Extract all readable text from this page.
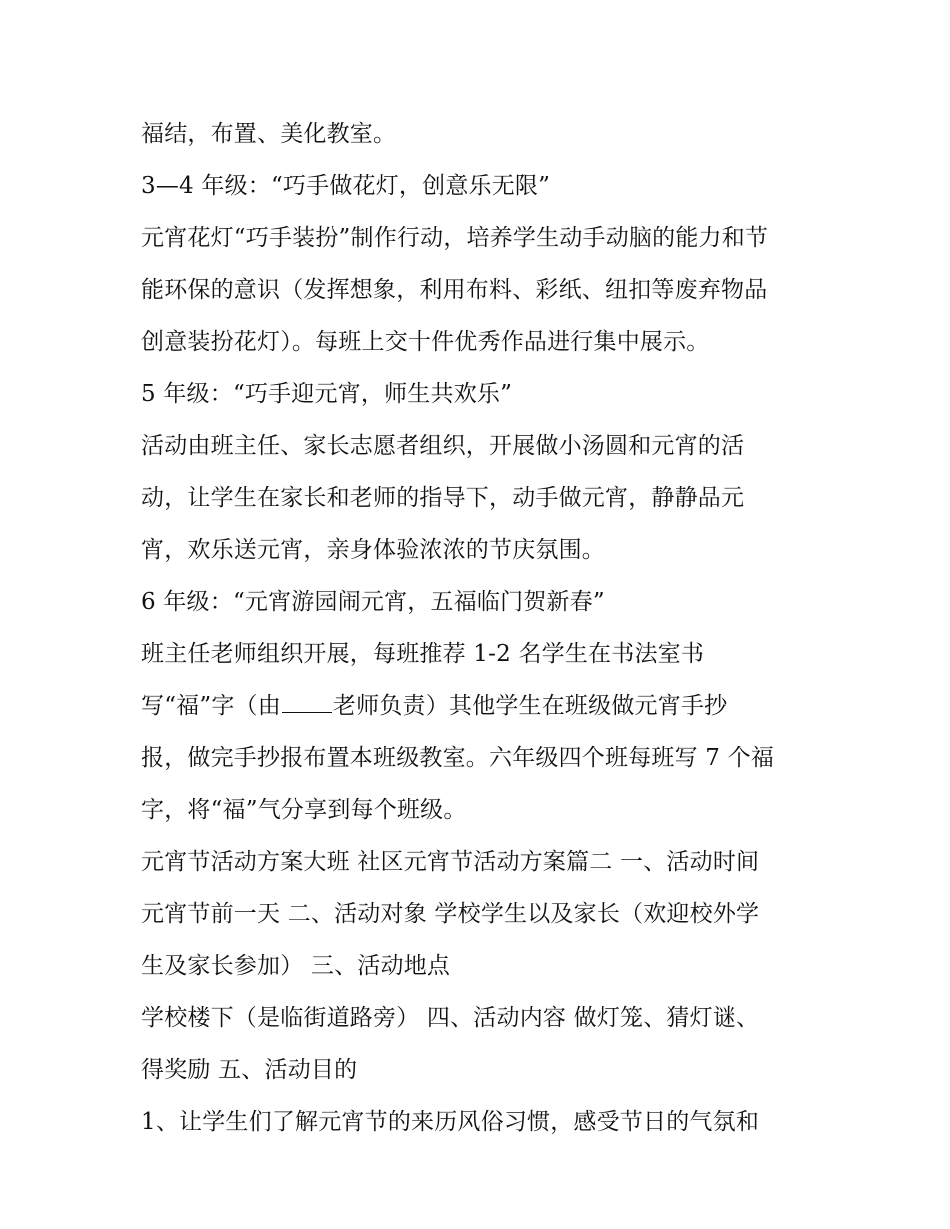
福结，布置、美化教室。
3—4 年级：“巧手做花灯，创意乐无限”
元宵花灯“巧手装扮”制作行动，培养学生动手动脑的能力和节
能环保的意识（发挥想象，利用布料、彩纸、纽扣等废弃物品
创意装扮花灯）。每班上交十件优秀作品进行集中展示。
5 年级：“巧手迎元宵，师生共欢乐”
活动由班主任、家长志愿者组织，开展做小汤圆和元宵的活
动，让学生在家长和老师的指导下，动手做元宵，静静品元
宵，欢乐送元宵，亲身体验浓浓的节庆氛围。
6 年级：“元宵游园闹元宵，五福临门贺新春”
班主任老师组织开展，每班推荐 1-2 名学生在书法室书
写“福”字（由 老师负责）其他学生在班级做元宵手抄
报，做完手抄报布置本班级教室。六年级四个班每班写 7 个福
字，将“福”气分享到每个班级。
元宵节活动方案大班 社区元宵节活动方案篇二 一、活动时间
元宵节前一天 二、活动对象 学校学生以及家长（欢迎校外学
生及家长参加） 三、活动地点
学校楼下（是临街道路旁） 四、活动内容 做灯笼、猜灯谜、
得奖励 五、活动目的
1、让学生们了解元宵节的来历风俗习惯，感受节日的气氛和
